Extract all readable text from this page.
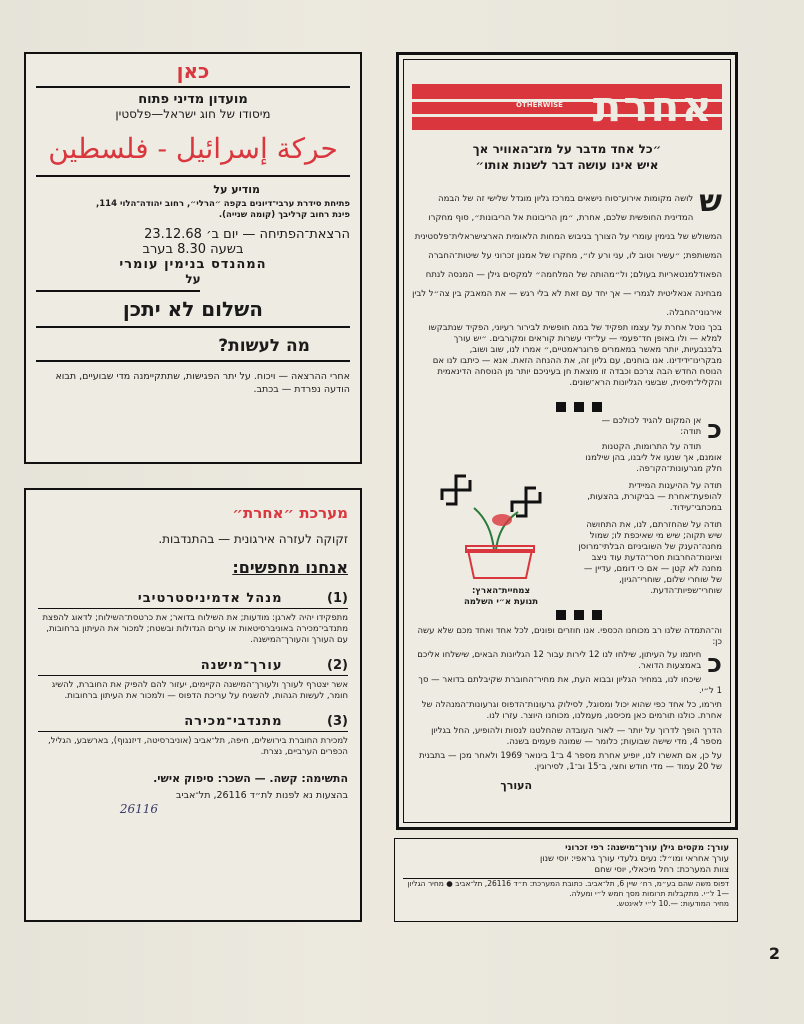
כאן
מועדון מדיני פתוח
מיסודו של חוג ישראל—פלסטין
حركة إسرائيل - فلسطين
מודיע על
פתיחת סידרת ערבי־דיונים בקפה ״הרלי״, רחוב יהודה־הלוי 114,
פינת רחוב קרליבך (קומה שנייה).
הרצאת־הפתיחה — יום ב׳ 23.12.68
בשעה 8.30 בערב
המהנדס בנימין עומרי
על
השלום לא יתכן
מה לעשות?
אחרי ההרצאה — ויכוח. על יתר הפגישות, שתתקיימנה מדי שבועיים, תבוא הודעה נפרדת — בכתב.
מערכת ״אחרת״
זקוקה לעזרה אירגונית — בהתנדבות.
אנחנו מחפשים:
(1) מנהל אדמיניסטרטיבי
מתפקידו יהיה לארגן: מודעות; את השילוח בדואר; את כרטסת־השילוח; לדאוג להפצת מתנדבי־מכירה באוניברסיטאות או ערים הגדולות ובשטח; למכור את העיתון ברחובות, עם העורך והעורך־המישנה.
(2) עורך־מישנה
אשר יצטרף לעורך ולעורך־המישנה הקיימים, יעזור להם להפיק את החוברת, להשיג חומר, לעשות הגהות, להשגיח על עריכת הדפוס — ולמכור את העיתון ברחובות.
(3) מתנדבי־מכירה
למכירת החוברת בירושלים, חיפה, תל־אביב (אוניברסיטה, דיזנגוף), בארשבע, הגליל, הכפרים הערביים, נצרת.
התשימה: קשה. — השכר: סיפוק אישי.
בהצעות נא לפנות לת״ד 26116, תל־אביב
26116
אחרת
OTHERWISE
״כל אחד מדבר על מזג־האוויר אך
איש אינו עושה דבר לשנות אותו״
ש
לושה מקומות אירוע־סוח נישאים במרכז גליון מוגדל שלישי זה של הבמה המדינית החופשית שלכם, אחרת, ״מן הריבונות אל הריבונות״, סוף מחקרו המשולש של בנימין עומרי על הצורך בגיבוש המחות הלאומית הארצישראלית־פלסטינית המשותפת; ״עשיר וטוב לו, עני ורע לו״, מחקרו של אמנון זכרוני על שיטות־החברה הפאודלמנטאריות בעולם; ול״מהותה של המלחמה״ למקסים גילן — המנסה לנתח מבחינה אנאליטית לגמרי — אך יחד עם זאת לא בלי רגש — את המאבק בין צה״ל לבין אירגוני־החבלה.
בכך נוטל אחרת על עצמו תפקיד של במה חופשית לבירור רעיוני, הפקיד שנתבקשו למלא — ולו באופן חד־פעמי — על־ידי עשרות קוראים ומקורבים. ״יש עורך בלבנבעיות, יותר מאשר במאמרים פרוגראמטיים,״ אמרו לנו, שוב ושוב, מבקרינו־ידידינו. אנו בוחנים, עם גליון זה, את ההנחה הזאת. אנא — כיתבו לנו אם הנוסח החדש הבה צרכם וכבדה זו מוצאת חן בעיניכם יותר מן הנוסחה הדינאמית והקליל־תיסית, שבשני הגליונות הרא־שונים.
כ
אן המקום להגיד לכולכם — תודה:
תודה על התרומות, הקטנות אומנם, אך שנעו אל ליבנו, בהן שילמנו חלק מגרעונות־הקו־פה.
תודה על ההיענות המיידית להופעת־אחרת — בביקורת, בהצעות, במכתבי־עידוד.
תודה על שהחזרתם, לנו, את התחושה שיש תקוה; שיש מי שאיכפת לו; שמול מחנה־הענק של השוביניזם הבלתי־מרוסן וציונות־החרבות חסר־הדעת עוד ניצב מחנה לא קטן — אם כי דומם, עדיין — של שוחרי שלום, שוחרי־הגיון, שוחרי־שפיות־הדעת.
צמחיית־הארץ:
תנועת א״י השלמה
וה־התמדה שלנו רב מכוחנו הכספי. אנו חוזרים ופונים, לכל אחד ואחד מכם שלא עשה כן:
כ
חיתמו על העיתון, שילחו לנו 12 לירות עבור 12 הגליונות הבאים, שישלחו אליכם באמצעות הדואר.
שיכחו לנו, במחיר הגליון ובבוא העת, את מחיר־החוברת שקיבלתם בדואר — סך 1 ל״י.
תירמו, כל אחד כפי שהוא יכול ומסוגל, לסילוק גרעונות־הדפוס וגרעונות־המנהלה של אחרת. כולנו תורמים כאן מכיסנו, מעמלנו, מכוחנו היוצר. עזרו לנו.
הדרך הופך לדרוך על יותר — לאור העובדה שהחלטנו לנסות ולהופיע, החל בגליון מספר 4, מדי שישה שבועות; כלומר — שמונה פעמים בשנה.
על כן, אם תאשרו לנו, יופיע אחרת מספר 4 ב־1 בינואר 1969 ולאחר מכן — בתבנית של 20 עמוד — מדי חודש וחצי, ב־15 וב־1, לסירוגין.
העורך
עורך: מקסים גילן עורך־מישנה: רפי זכרוני
עורך אחראי ומו״ל: נעים גלעדי עורך גראפי: יוסי שנון
צוות המערכת: רחל מיכאלי, יוסי שחם
דפוס משה שהם בע״מ, רח׳ שיין 6, תל־אביב. כתובת המערכת: ת״ד 26116, תל־אביב ● מחיר הגליון —1 ל״י. מתקבלות תרומות מסך חמש ל״י ומעלה.
מחיר המודעות: —.10 ל״י לאינטש.
2
